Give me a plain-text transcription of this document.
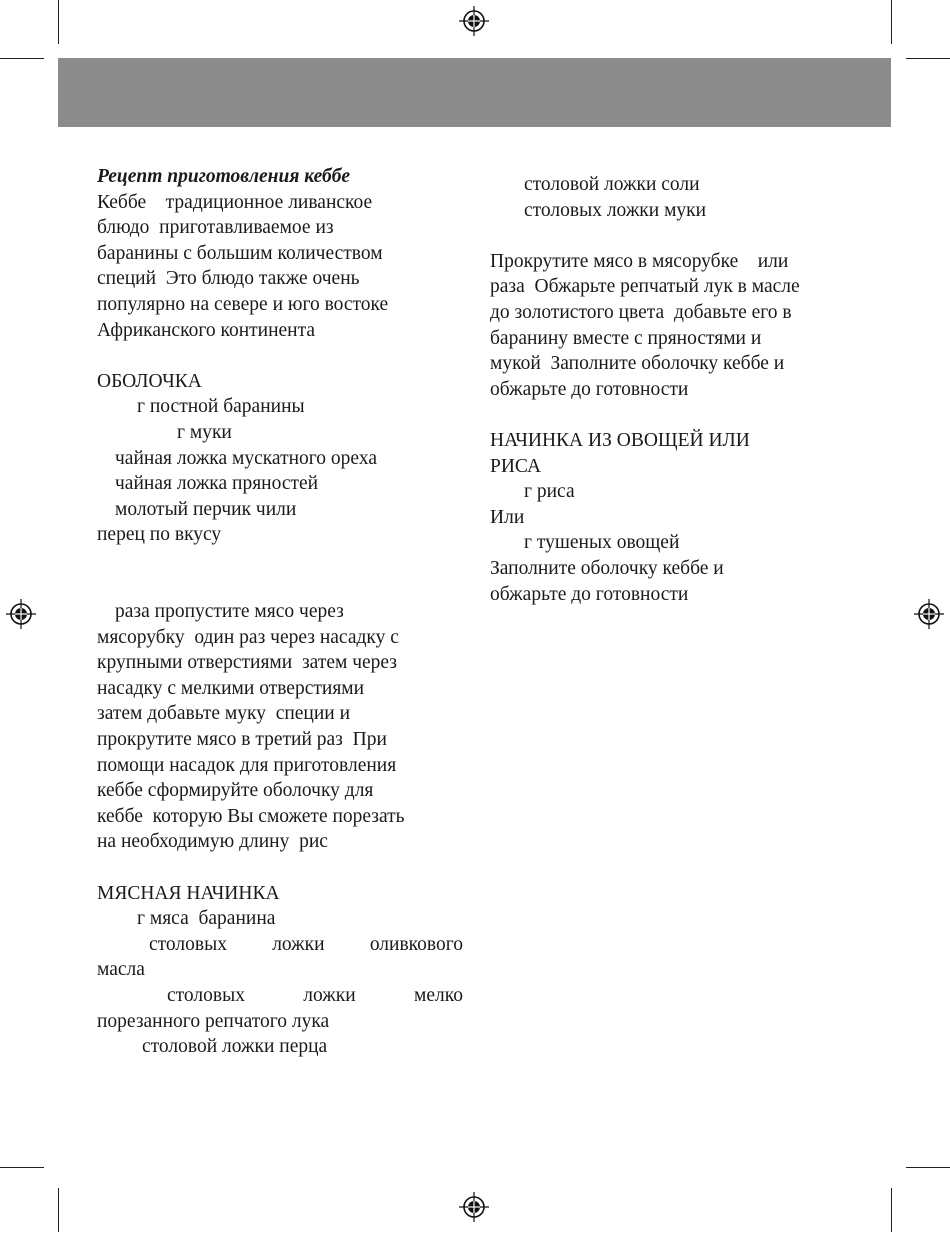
Рецепт приготовления кеббе
Кеббе    традиционное ливанское
блюдо  приготавливаемое из
баранины с большим количеством
специй  Это блюдо также очень
популярно на севере и юго востоке
Африканского континента
ОБОЛОЧКА
г постной баранины
г муки
чайная ложка мускатного ореха
чайная ложка пряностей
молотый перчик чили
перец по вкусу
раза пропустите мясо через
мясорубку  один раз через насадку с
крупными отверстиями  затем через
насадку с мелкими отверстиями
затем добавьте муку  специи и
прокрутите мясо в третий раз  При
помощи насадок для приготовления
кеббе сформируйте оболочку для
кеббе  которую Вы сможете порезать
на необходимую длину  рис
МЯСНАЯ НАЧИНКА
г мяса  баранина
столовых ложки оливкового
масла
столовых	ложки	мелко
порезанного репчатого лука
столовой ложки перца
столовой ложки соли
столовых ложки муки
Прокрутите мясо в мясорубке    или
раза  Обжарьте репчатый лук в масле
до золотистого цвета  добавьте его в
баранину вместе с пряностями и
мукой  Заполните оболочку кеббе и
обжарьте до готовности
НАЧИНКА ИЗ ОВОЩЕЙ ИЛИ
РИСА
г риса
Или
г тушеных овощей
Заполните оболочку кеббе и
обжарьте до готовности
